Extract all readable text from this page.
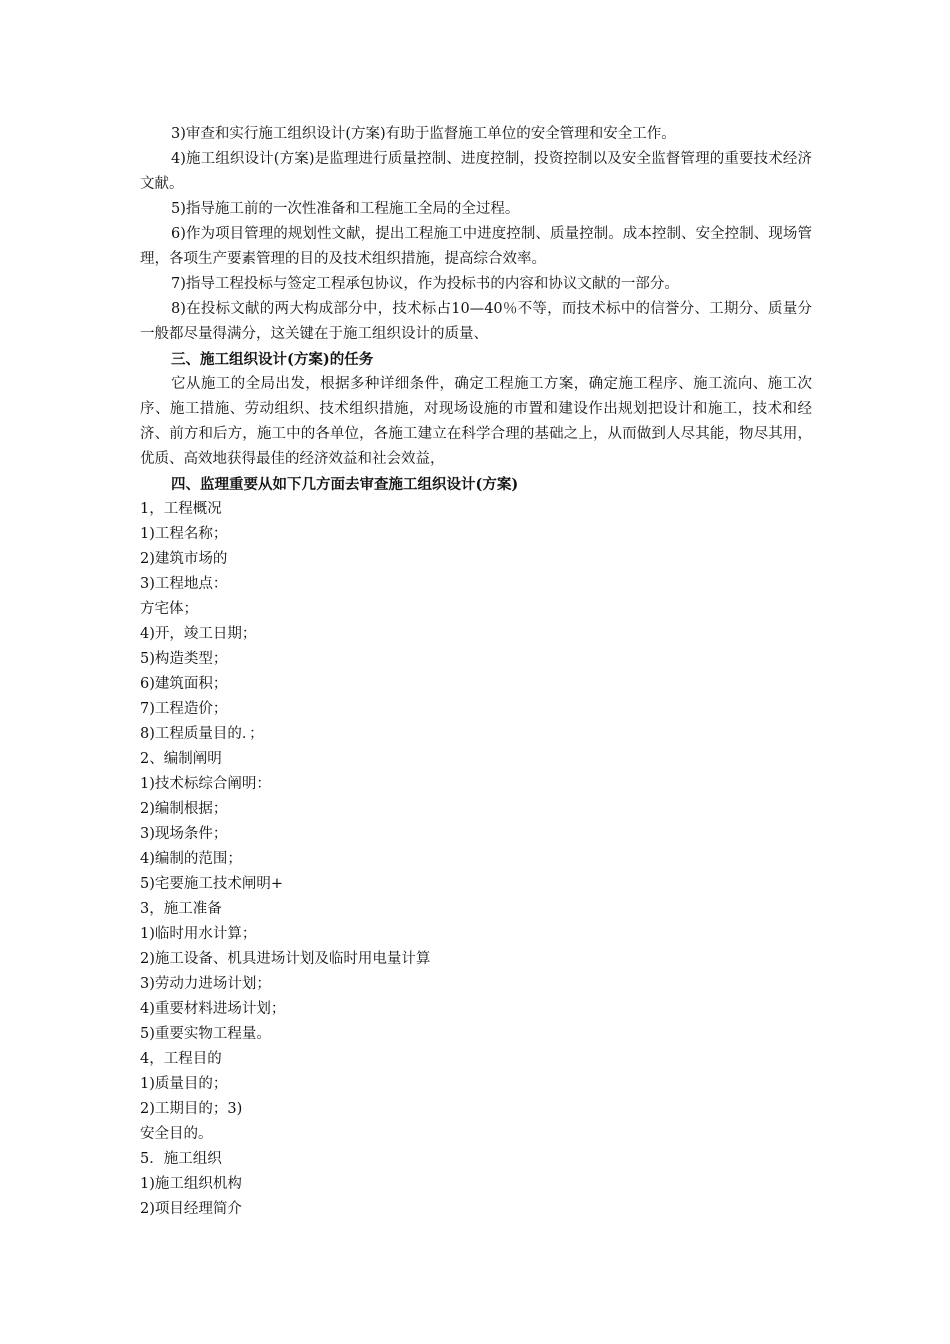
3)审查和实行施工组织设计(方案)有助于监督施工单位的安全管理和安全工作。

4)施工组织设计(方案)是监理进行质量控制、进度控制，投资控制以及安全监督管理的重要技术经济文献。

5)指导施工前的一次性准备和工程施工全局的全过程。

6)作为项目管理的规划性文献，提出工程施工中进度控制、质量控制。成本控制、安全控制、现场管理，各项生产要素管理的目的及技术组织措施，提高综合效率。

7)指导工程投标与签定工程承包协议，作为投标书的内容和协议文献的一部分。

8)在投标文献的两大构成部分中，技术标占10—40％不等，而技术标中的信誉分、工期分、质量分一般都尽量得满分，这关键在于施工组织设计的质量、

三、施工组织设计(方案)的任务

它从施工的全局出发，根据多种详细条件，确定工程施工方案，确定施工程序、施工流向、施工次序、施工措施、劳动组织、技术组织措施，对现场设施的市置和建设作出规划把设计和施工，技术和经济、前方和后方，施工中的各单位，各施工建立在科学合理的基础之上，从而做到人尽其能，物尽其用，优质、高效地获得最佳的经济效益和社会效益，

四、监理重要从如下几方面去审查施工组织设计(方案)

1，工程概况

1)工程名称；

2)建筑市场的

3)工程地点：

方宅体；

4)开，竣工日期；

5)构造类型；

6)建筑面积；

7)工程造价；

8)工程质量目的．；

2、编制阐明

1)技术标综合阐明：

2)编制根据；

3)现场条件；

4)编制的范围；

5)宅要施工技术闸明+

3，施工准备

1)临时用水计算；

2)施工设备、机具进场计划及临时用电量计算

3)劳动力进场计划；

4)重要材料进场计划；

5)重要实物工程量。

4，工程目的

1)质量目的；

2)工期目的；3)

安全目的。

5．施工组织

1)施工组织机构

2)项目经理简介
